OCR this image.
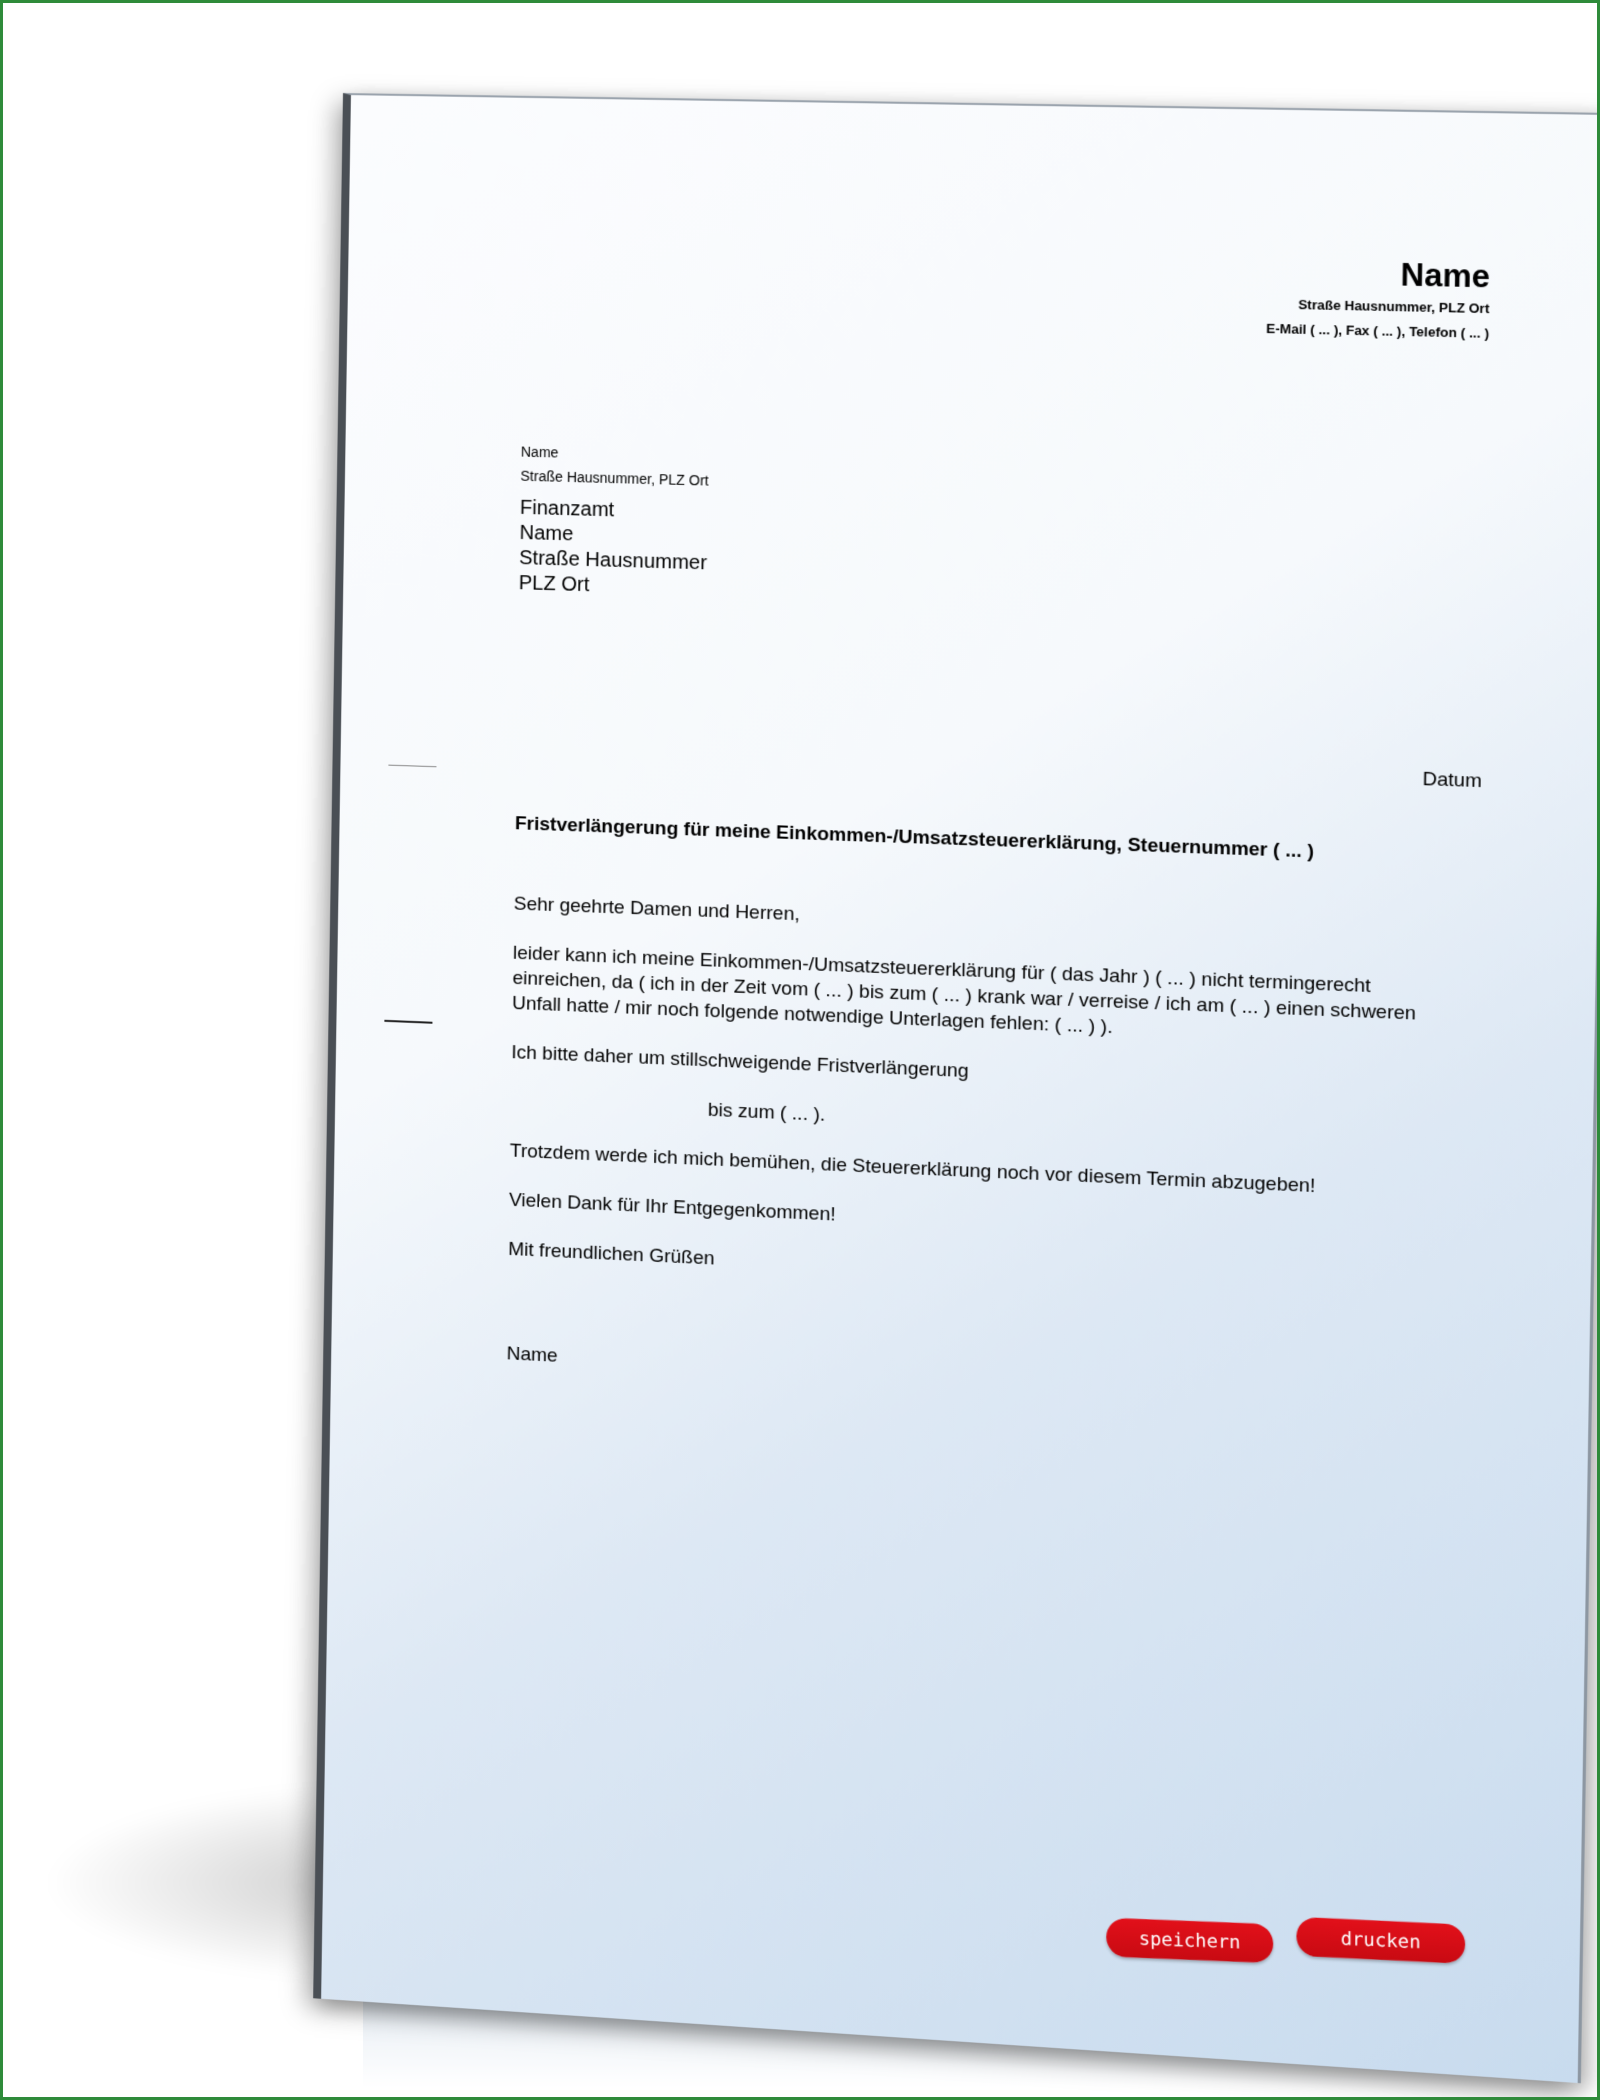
Name
Straße Hausnummer, PLZ Ort
E-Mail ( ... ), Fax ( ... ), Telefon ( ... )
Name
Straße Hausnummer, PLZ Ort
Finanzamt
Name
Straße Hausnummer
PLZ Ort
Datum
Fristverlängerung für meine Einkommen-/Umsatzsteuererklärung, Steuernummer ( ... )

Sehr geehrte Damen und Herren,

leider kann ich meine Einkommen-/Umsatzsteuererklärung für ( das Jahr ) ( ... ) nicht termingerecht einreichen, da ( ich in der Zeit vom ( ... ) bis zum ( ... ) krank war / verreise / ich am ( ... ) einen schweren Unfall hatte / mir noch folgende notwendige Unterlagen fehlen: ( ... ) ).

Ich bitte daher um stillschweigende Fristverlängerung

bis zum ( ... ).

Trotzdem werde ich mich bemühen, die Steuererklärung noch vor diesem Termin abzugeben!

Vielen Dank für Ihr Entgegenkommen!

Mit freundlichen Grüßen

Name
speichern	drucken
